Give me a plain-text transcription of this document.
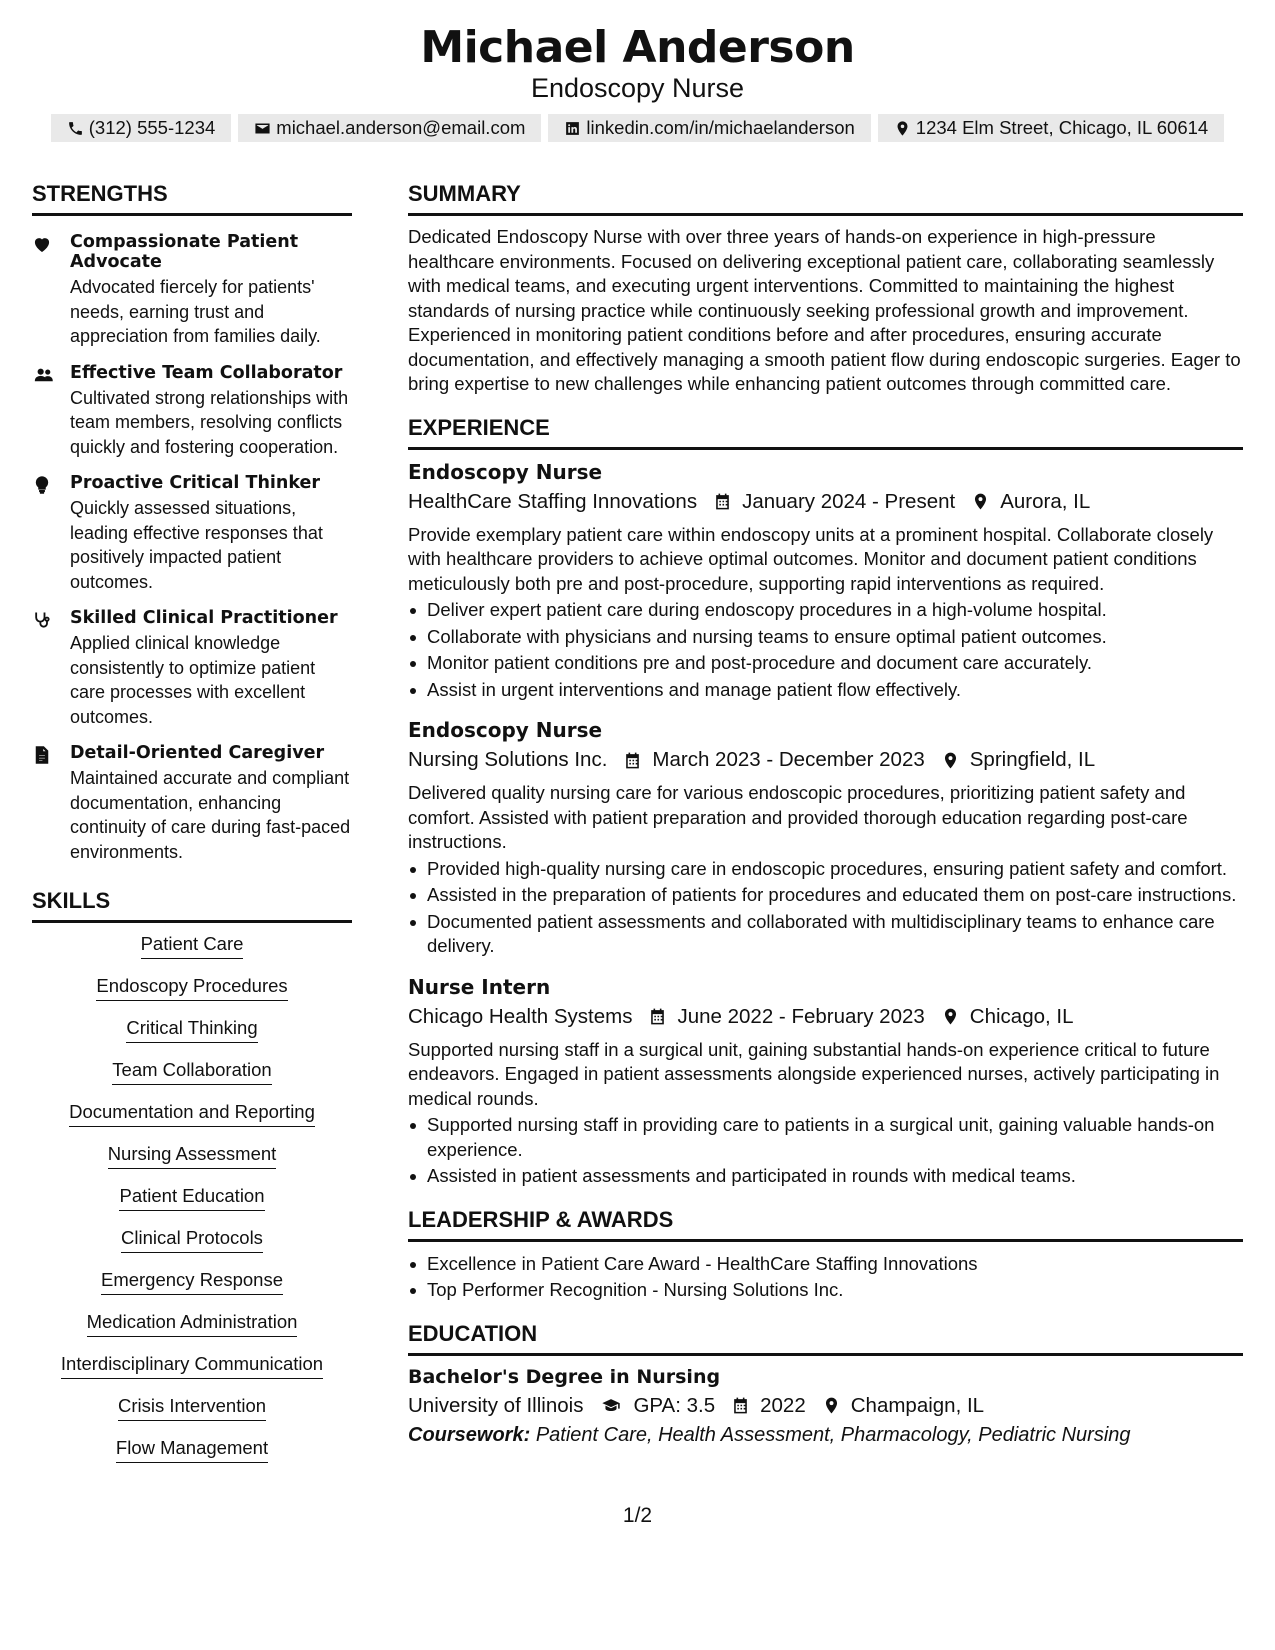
Michael Anderson
Endoscopy Nurse
(312) 555-1234	michael.anderson@email.com	linkedin.com/in/michaelanderson	1234 Elm Street, Chicago, IL 60614
STRENGTHS
Compassionate Patient Advocate
Advocated fiercely for patients' needs, earning trust and appreciation from families daily.
Effective Team Collaborator
Cultivated strong relationships with team members, resolving conflicts quickly and fostering cooperation.
Proactive Critical Thinker
Quickly assessed situations, leading effective responses that positively impacted patient outcomes.
Skilled Clinical Practitioner
Applied clinical knowledge consistently to optimize patient care processes with excellent outcomes.
Detail-Oriented Caregiver
Maintained accurate and compliant documentation, enhancing continuity of care during fast-paced environments.
SKILLS
Patient Care
Endoscopy Procedures
Critical Thinking
Team Collaboration
Documentation and Reporting
Nursing Assessment
Patient Education
Clinical Protocols
Emergency Response
Medication Administration
Interdisciplinary Communication
Crisis Intervention
Flow Management
SUMMARY
Dedicated Endoscopy Nurse with over three years of hands-on experience in high-pressure healthcare environments. Focused on delivering exceptional patient care, collaborating seamlessly with medical teams, and executing urgent interventions. Committed to maintaining the highest standards of nursing practice while continuously seeking professional growth and improvement. Experienced in monitoring patient conditions before and after procedures, ensuring accurate documentation, and effectively managing a smooth patient flow during endoscopic surgeries. Eager to bring expertise to new challenges while enhancing patient outcomes through committed care.
EXPERIENCE
Endoscopy Nurse
HealthCare Staffing Innovations January 2024 - Present Aurora, IL
Provide exemplary patient care within endoscopy units at a prominent hospital. Collaborate closely with healthcare providers to achieve optimal outcomes. Monitor and document patient conditions meticulously both pre and post-procedure, supporting rapid interventions as required.
Deliver expert patient care during endoscopy procedures in a high-volume hospital.
Collaborate with physicians and nursing teams to ensure optimal patient outcomes.
Monitor patient conditions pre and post-procedure and document care accurately.
Assist in urgent interventions and manage patient flow effectively.
Endoscopy Nurse
Nursing Solutions Inc. March 2023 - December 2023 Springfield, IL
Delivered quality nursing care for various endoscopic procedures, prioritizing patient safety and comfort. Assisted with patient preparation and provided thorough education regarding post-care instructions.
Provided high-quality nursing care in endoscopic procedures, ensuring patient safety and comfort.
Assisted in the preparation of patients for procedures and educated them on post-care instructions.
Documented patient assessments and collaborated with multidisciplinary teams to enhance care delivery.
Nurse Intern
Chicago Health Systems June 2022 - February 2023 Chicago, IL
Supported nursing staff in a surgical unit, gaining substantial hands-on experience critical to future endeavors. Engaged in patient assessments alongside experienced nurses, actively participating in medical rounds.
Supported nursing staff in providing care to patients in a surgical unit, gaining valuable hands-on experience.
Assisted in patient assessments and participated in rounds with medical teams.
LEADERSHIP & AWARDS
Excellence in Patient Care Award - HealthCare Staffing Innovations
Top Performer Recognition - Nursing Solutions Inc.
EDUCATION
Bachelor's Degree in Nursing
University of Illinois GPA: 3.5 2022 Champaign, IL
Coursework: Patient Care, Health Assessment, Pharmacology, Pediatric Nursing
1/2
